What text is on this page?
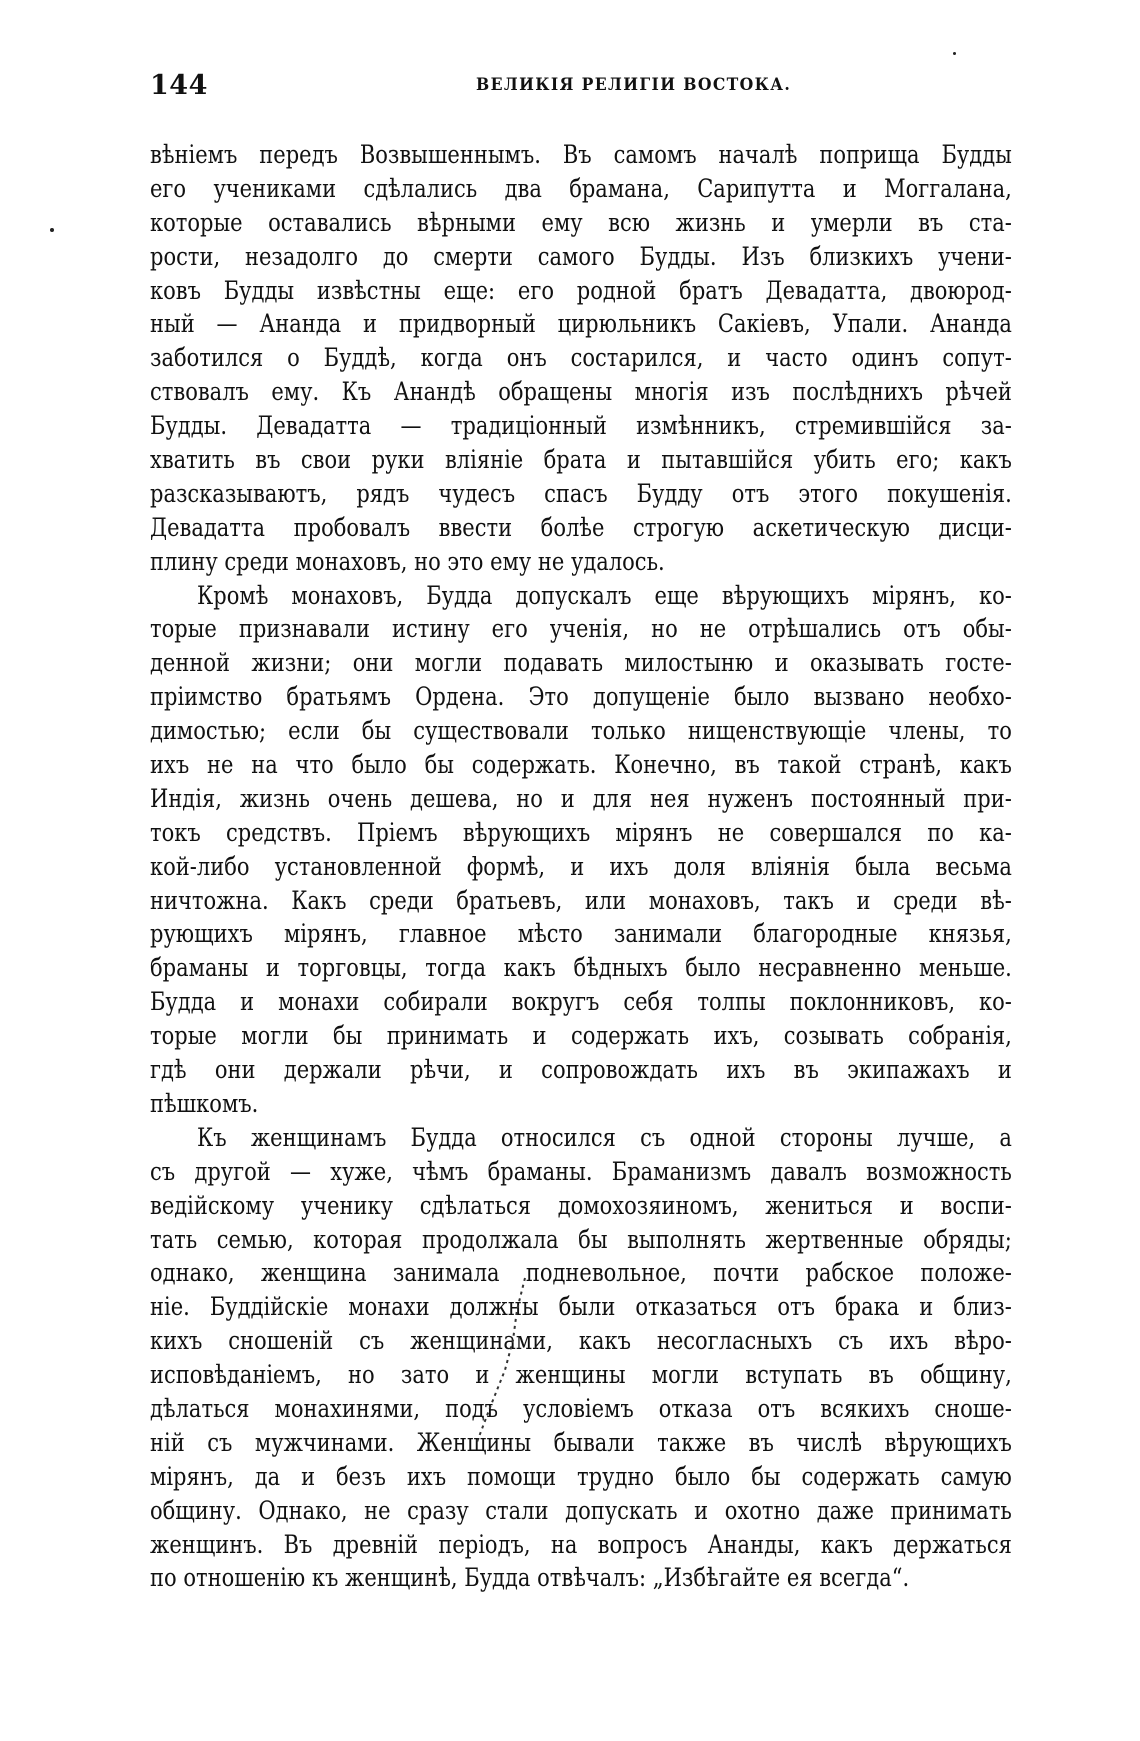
144	ВЕЛИКІЯ РЕЛИГІИ ВОСТОКА.
вѣніемъ передъ Возвышеннымъ. Въ самомъ началѣ поприща Будды
его учениками сдѣлались два брамана, Сарипутта и Моггалана,
которые оставались вѣрными ему всю жизнь и умерли въ ста-
рости, незадолго до смерти самого Будды. Изъ близкихъ учени-
ковъ Будды извѣстны еще: его родной братъ Девадатта, двоюрод-
ный — Ананда и придворный цирюльникъ Сакіевъ, Упали. Ананда
заботился о Буддѣ, когда онъ состарился, и часто одинъ сопут-
ствовалъ ему. Къ Анандѣ обращены многія изъ послѣднихъ рѣчей
Будды. Девадатта — традиціонный измѣнникъ, стремившійся за-
хватить въ свои руки вліяніе брата и пытавшійся убить его; какъ
разсказываютъ, рядъ чудесъ спасъ Будду отъ этого покушенія.
Девадатта пробовалъ ввести болѣе строгую аскетическую дисци-
плину среди монаховъ, но это ему не удалось.
Кромѣ монаховъ, Будда допускалъ еще вѣрующихъ мірянъ, ко-
торые признавали истину его ученія, но не отрѣшались отъ обы-
денной жизни; они могли подавать милостыню и оказывать госте-
пріимство братьямъ Ордена. Это допущеніе было вызвано необхо-
димостью; если бы существовали только нищенствующіе члены, то
ихъ не на что было бы содержать. Конечно, въ такой странѣ, какъ
Индія, жизнь очень дешева, но и для нея нуженъ постоянный при-
токъ средствъ. Пріемъ вѣрующихъ мірянъ не совершался по ка-
кой-либо установленной формѣ, и ихъ доля вліянія была весьма
ничтожна. Какъ среди братьевъ, или монаховъ, такъ и среди вѣ-
рующихъ мірянъ, главное мѣсто занимали благородные князья,
браманы и торговцы, тогда какъ бѣдныхъ было несравненно меньше.
Будда и монахи собирали вокругъ себя толпы поклонниковъ, ко-
торые могли бы принимать и содержать ихъ, созывать собранія,
гдѣ они держали рѣчи, и сопровождать ихъ въ экипажахъ и
пѣшкомъ.
Къ женщинамъ Будда относился съ одной стороны лучше, а
съ другой — хуже, чѣмъ браманы. Браманизмъ давалъ возможность
ведійскому ученику сдѣлаться домохозяиномъ, жениться и воспи-
тать семью, которая продолжала бы выполнять жертвенные обряды;
однако, женщина занимала подневольное, почти рабское положе-
ніе. Буддійскіе монахи должны были отказаться отъ брака и близ-
кихъ сношеній съ женщинами, какъ несогласныхъ съ ихъ вѣро-
исповѣданіемъ, но зато и женщины могли вступать въ общину,
дѣлаться монахинями, подъ условіемъ отказа отъ всякихъ сноше-
ній съ мужчинами. Женщины бывали также въ числѣ вѣрующихъ
мірянъ, да и безъ ихъ помощи трудно было бы содержать самую
общину. Однако, не сразу стали допускать и охотно даже принимать
женщинъ. Въ древній періодъ, на вопросъ Ананды, какъ держаться
по отношенію къ женщинѣ, Будда отвѣчалъ: „Избѣгайте ея всегда“.
